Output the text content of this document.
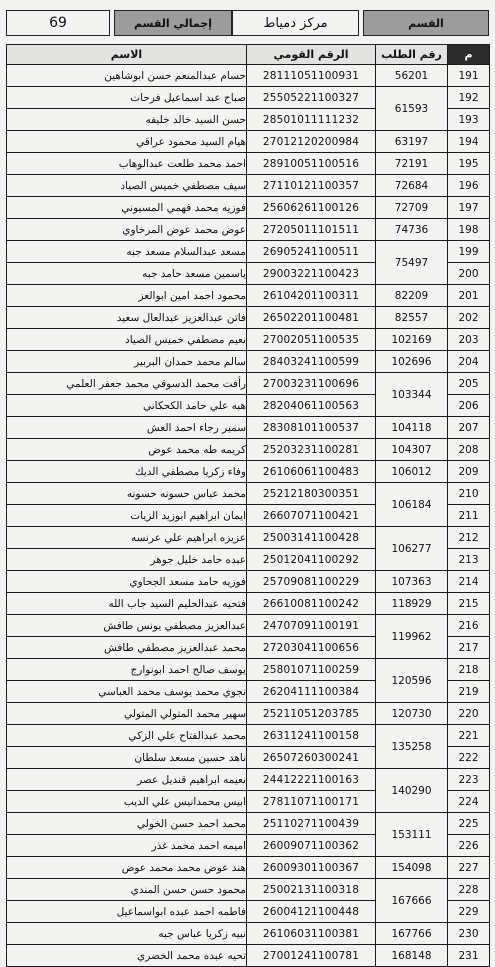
69	إجمالي القسم	مركز دمياط	القسم
م	رقم الطلب	الرقم القومي	الاسم
191	56201	28111051100931	حسام عبدالمنعم حسن ابوشاهين
192	61593	25505221100327	صباح عبد اسماعيل فرحات
193		28501011111232	حسن السيد خالد خليفه
194	63197	27012120200984	هيام السيد محمود عراقي
195	72191	28910051100516	احمد محمد طلعت عبدالوهاب
196	72684	27110121100357	سيف مصطفي خميس الصياد
197	72709	25606261100126	فوزيه محمد فهمي المسيوني
198	74736	27205011101511	عوض محمد عوض المرخاوي
199	75497	26905241100511	مسعد عبدالسلام مسعد جبه
200		29003221100423	ياسمين مسعد حامد جبه
201	82209	26104201100311	محمود احمد امين ابوالعز
202	82557	26502201100481	فاتن عبدالعزيز عبدالعال سعيد
203	102169	27002051100535	نعيم مصطفي خميس الصياد
204	102696	28403241100599	سالم محمد حمدان البربير
205	103344	27003231100696	رأفت محمد الدسوقي محمد جعفر العلمي
206		28204061100563	هبه علي حامد الكحكاني
207	104118	28308101100537	سمير رجاء احمد العش
208	104307	25203231100281	كريمه طه محمد عوض
209	106012	26106061100483	وفاء زكريا مصطفي الديك
210	106184	25212180300351	محمد عباس حسونه حسونه
211		26607071100421	ايمان ابراهيم ابوزيد الزيات
212	106277	25003141100428	عزيزه ابراهيم علي عرنسه
213		25012041100292	عبده حامد خليل جوهر
214	107363	25709081100229	فوزيه حامد مسعد الجحاوي
215	118929	26610081100242	فتحيه عبدالحليم السيد جاب الله
216	119962	24707091100191	عبدالعزيز مصطفي يونس طافش
217		27203041100656	محمد عبدالعزيز مصطفي طافش
218	120596	25801071100259	يوسف صالح احمد ابونوارج
219		26204111100384	نجوي محمد يوسف محمد العباسي
220	120730	25211051203785	سهير محمد المتولي المتولي
221	135258	26311241100158	محمد عبدالفتاح علي الزكي
222		26507260300241	ناهد حسين مسعد سلطان
223	140290	24412221100163	نعيمه ابراهيم قنديل عصر
224		27811071100171	ابيس محمدانيس علي الديب
225	153111	25110271100439	محمد احمد حسن الخولي
226		26009071100362	اميمه احمد محمد غذر
227	154098	26009301100367	هند عوض محمد محمد عوض
228	167666	25002131100318	محمود حسن حسن المندي
229		26004121100448	فاطمه احمد عبده ابواسماعيل
230	167766	26106031100381	نبيه زكريا عباس جبه
231	168148	27001241100781	تحيه عبده محمد الخضري
